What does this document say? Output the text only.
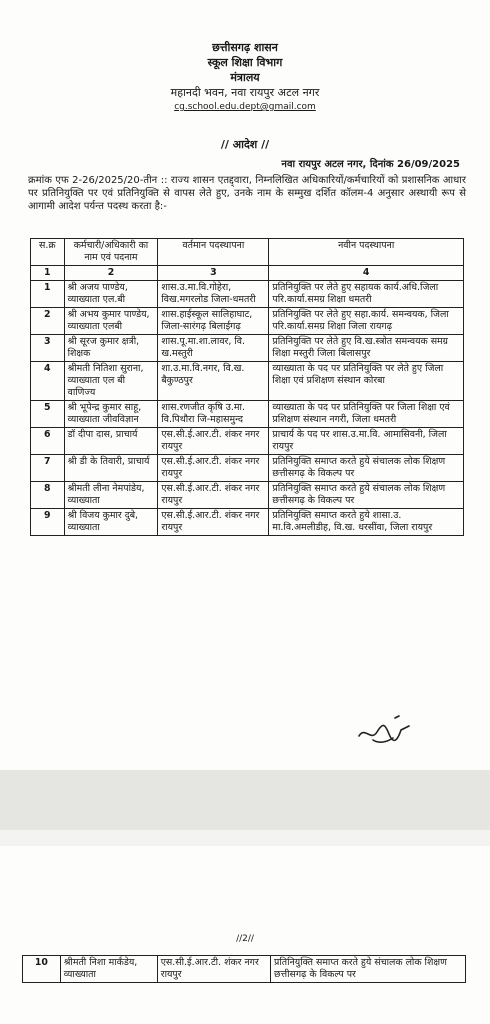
छत्तीसगढ़ शासन

स्कूल शिक्षा विभाग

मंत्रालय

महानदी भवन, नवा रायपुर अटल नगर

cg.school.edu.dept@gmail.com

// आदेश //
नवा रायपुर अटल नगर, दिनांक 26/09/2025
क्रमांक एफ 2-26/2025/20-तीन :: राज्य शासन एतद्द्वारा, निम्नलिखित अधिकारियों/कर्मचारियों को प्रशासनिक आधार पर प्रतिनियुक्ति पर एवं प्रतिनियुक्ति से वापस लेते हुए, उनके नाम के सम्मुख दर्शित कॉलम-4 अनुसार अस्थायी रूप से आगामी आदेश पर्यन्त पदस्थ करता है:-
स.क्र	कर्मचारी/अधिकारी का नाम एवं पदनाम	वर्तमान पदस्थापना	नवीन पदस्थापना
1	2	3	4
1	श्री अजय पाण्डेय, व्याख्याता एल.बी	शास.उ.मा.वि.गोहेरा, विख.मगरलोड जिला-धमतरी	प्रतिनियुक्ति पर लेते हुए सहायक कार्य.अधि.जिला परि.कार्या.समग्र शिक्षा धमतरी
2	श्री अभय कुमार पाण्डेय, व्याख्याता एलबी	शास.हाईस्कूल सालिहाघाट, जिला-सारंगढ़ बिलाईगढ़	प्रतिनियुक्ति पर लेते हुए सहा.कार्य. समन्वयक, जिला परि.कार्या.समग्र शिक्षा जिला रायगढ़
3	श्री सूरज कुमार क्षत्री, शिक्षक	शास.पू.मा.शा.लावर, वि. ख.मस्तुरी	प्रतिनियुक्ति पर लेते हुए वि.ख.स्त्रोत समन्वयक समग्र शिक्षा मस्तुरी जिला बिलासपुर
4	श्रीमती नितिशा सुराना, व्याख्याता एल बी वाणिज्य	शा.उ.मा.वि.नगर, वि.ख. बैकुण्ठपुर	व्याख्याता के पद पर प्रतिनियुक्ति पर लेते हुए जिला शिक्षा एवं प्रशिक्षण संस्थान कोरबा
5	श्री भूपेन्द्र कुमार साहू, व्याख्याता जीवविज्ञान	शास.रणजीत कृषि उ.मा. वि.पिथौरा जि-महासमुन्द	व्याख्याता के पद पर प्रतिनियुक्ति पर जिला शिक्षा एवं प्रशिक्षण संस्थान नगरी, जिला धमतरी
6	डॉ दीपा दास, प्राचार्य	एस.सी.ई.आर.टी. शंकर नगर रायपुर	प्राचार्य के पद पर शास.उ.मा.वि. आमासिवनी, जिला रायपुर
7	श्री डी के तिवारी, प्राचार्य	एस.सी.ई.आर.टी. शंकर नगर रायपुर	प्रतिनियुक्ति समाप्त करते हुये संचालक लोक शिक्षण छत्तीसगढ़ के विकल्प पर
8	श्रीमती लीना नेमपांडेय, व्याख्याता	एस.सी.ई.आर.टी. शंकर नगर रायपुर	प्रतिनियुक्ति समाप्त करते हुये संचालक लोक शिक्षण छत्तीसगढ़ के विकल्प पर
9	श्री विजय कुमार दुबे, व्याख्याता	एस.सी.ई.आर.टी. शंकर नगर रायपुर	प्रतिनियुक्ति समाप्त करते हुये शासा.उ. मा.वि.अमलीडीह, वि.ख. धरसींवा, जिला रायपुर
//2//
10	श्रीमती निशा मार्कंडेय, व्याख्याता	एस.सी.ई.आर.टी. शंकर नगर रायपुर	प्रतिनियुक्ति समाप्त करते हुये संचालक लोक शिक्षण छत्तीसगढ़ के विकल्प पर
